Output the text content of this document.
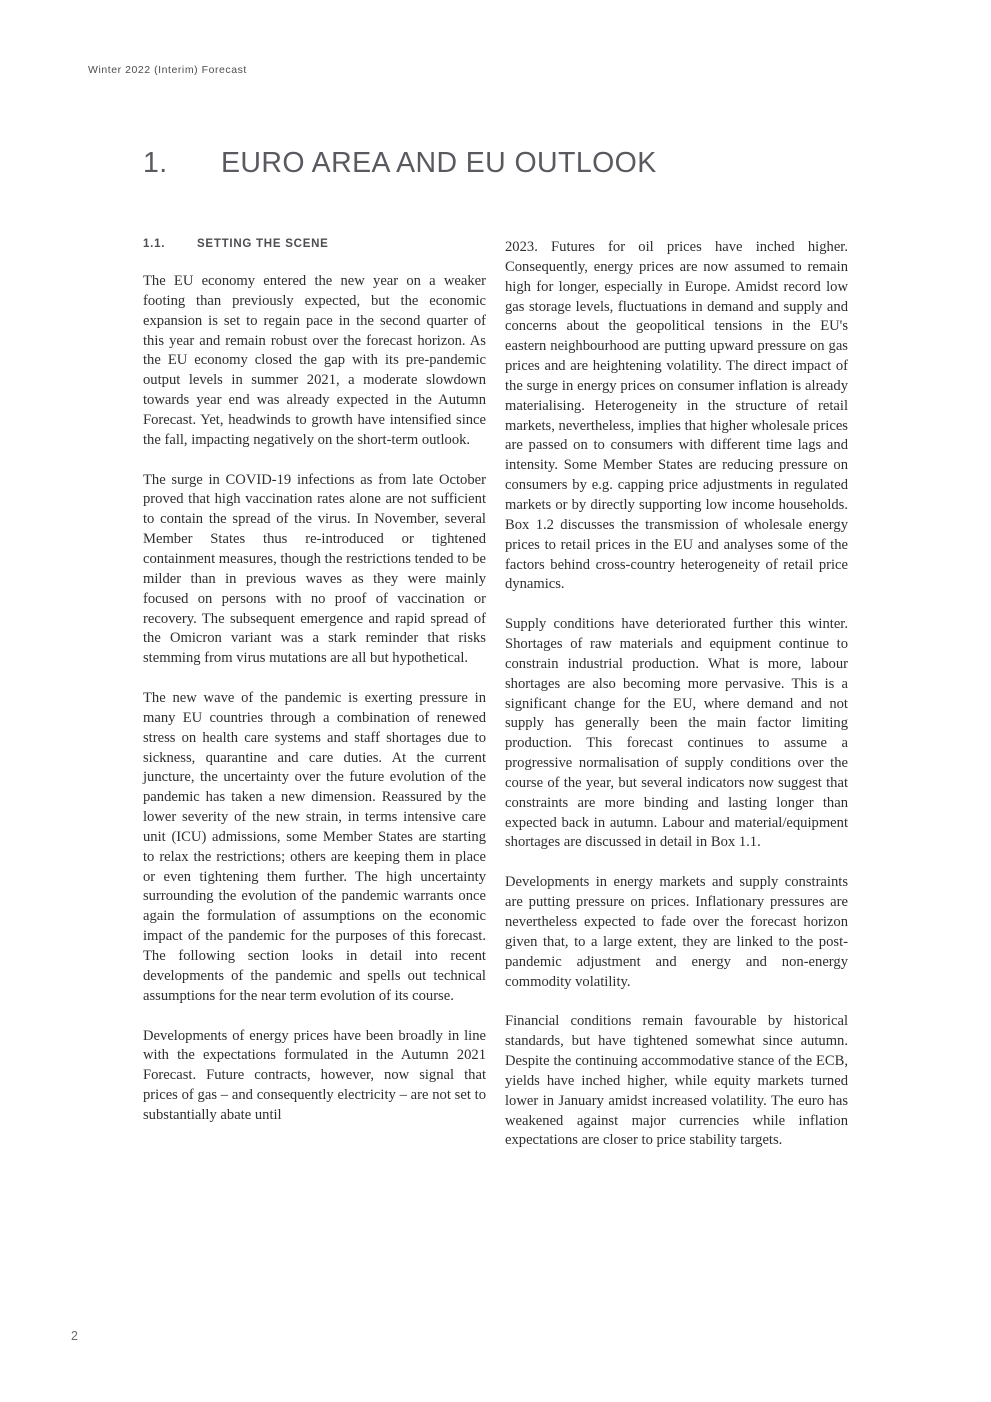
Winter 2022 (Interim) Forecast
1. EURO AREA AND EU OUTLOOK
1.1.	SETTING THE SCENE

The EU economy entered the new year on a weaker footing than previously expected, but the economic expansion is set to regain pace in the second quarter of this year and remain robust over the forecast horizon. As the EU economy closed the gap with its pre-pandemic output levels in summer 2021, a moderate slowdown towards year end was already expected in the Autumn Forecast. Yet, headwinds to growth have intensified since the fall, impacting negatively on the short-term outlook.

The surge in COVID-19 infections as from late October proved that high vaccination rates alone are not sufficient to contain the spread of the virus. In November, several Member States thus re-introduced or tightened containment measures, though the restrictions tended to be milder than in previous waves as they were mainly focused on persons with no proof of vaccination or recovery. The subsequent emergence and rapid spread of the Omicron variant was a stark reminder that risks stemming from virus mutations are all but hypothetical.

The new wave of the pandemic is exerting pressure in many EU countries through a combination of renewed stress on health care systems and staff shortages due to sickness, quarantine and care duties. At the current juncture, the uncertainty over the future evolution of the pandemic has taken a new dimension. Reassured by the lower severity of the new strain, in terms intensive care unit (ICU) admissions, some Member States are starting to relax the restrictions; others are keeping them in place or even tightening them further. The high uncertainty surrounding the evolution of the pandemic warrants once again the formulation of assumptions on the economic impact of the pandemic for the purposes of this forecast. The following section looks in detail into recent developments of the pandemic and spells out technical assumptions for the near term evolution of its course.

Developments of energy prices have been broadly in line with the expectations formulated in the Autumn 2021 Forecast. Future contracts, however, now signal that prices of gas – and consequently electricity – are not set to substantially abate until

2023. Futures for oil prices have inched higher. Consequently, energy prices are now assumed to remain high for longer, especially in Europe. Amidst record low gas storage levels, fluctuations in demand and supply and concerns about the geopolitical tensions in the EU's eastern neighbourhood are putting upward pressure on gas prices and are heightening volatility. The direct impact of the surge in energy prices on consumer inflation is already materialising. Heterogeneity in the structure of retail markets, nevertheless, implies that higher wholesale prices are passed on to consumers with different time lags and intensity. Some Member States are reducing pressure on consumers by e.g. capping price adjustments in regulated markets or by directly supporting low income households. Box 1.2 discusses the transmission of wholesale energy prices to retail prices in the EU and analyses some of the factors behind cross-country heterogeneity of retail price dynamics.

Supply conditions have deteriorated further this winter. Shortages of raw materials and equipment continue to constrain industrial production. What is more, labour shortages are also becoming more pervasive. This is a significant change for the EU, where demand and not supply has generally been the main factor limiting production. This forecast continues to assume a progressive normalisation of supply conditions over the course of the year, but several indicators now suggest that constraints are more binding and lasting longer than expected back in autumn. Labour and material/equipment shortages are discussed in detail in Box 1.1.

Developments in energy markets and supply constraints are putting pressure on prices. Inflationary pressures are nevertheless expected to fade over the forecast horizon given that, to a large extent, they are linked to the post-pandemic adjustment and energy and non-energy commodity volatility.

Financial conditions remain favourable by historical standards, but have tightened somewhat since autumn. Despite the continuing accommodative stance of the ECB, yields have inched higher, while equity markets turned lower in January amidst increased volatility. The euro has weakened against major currencies while inflation expectations are closer to price stability targets.

2
